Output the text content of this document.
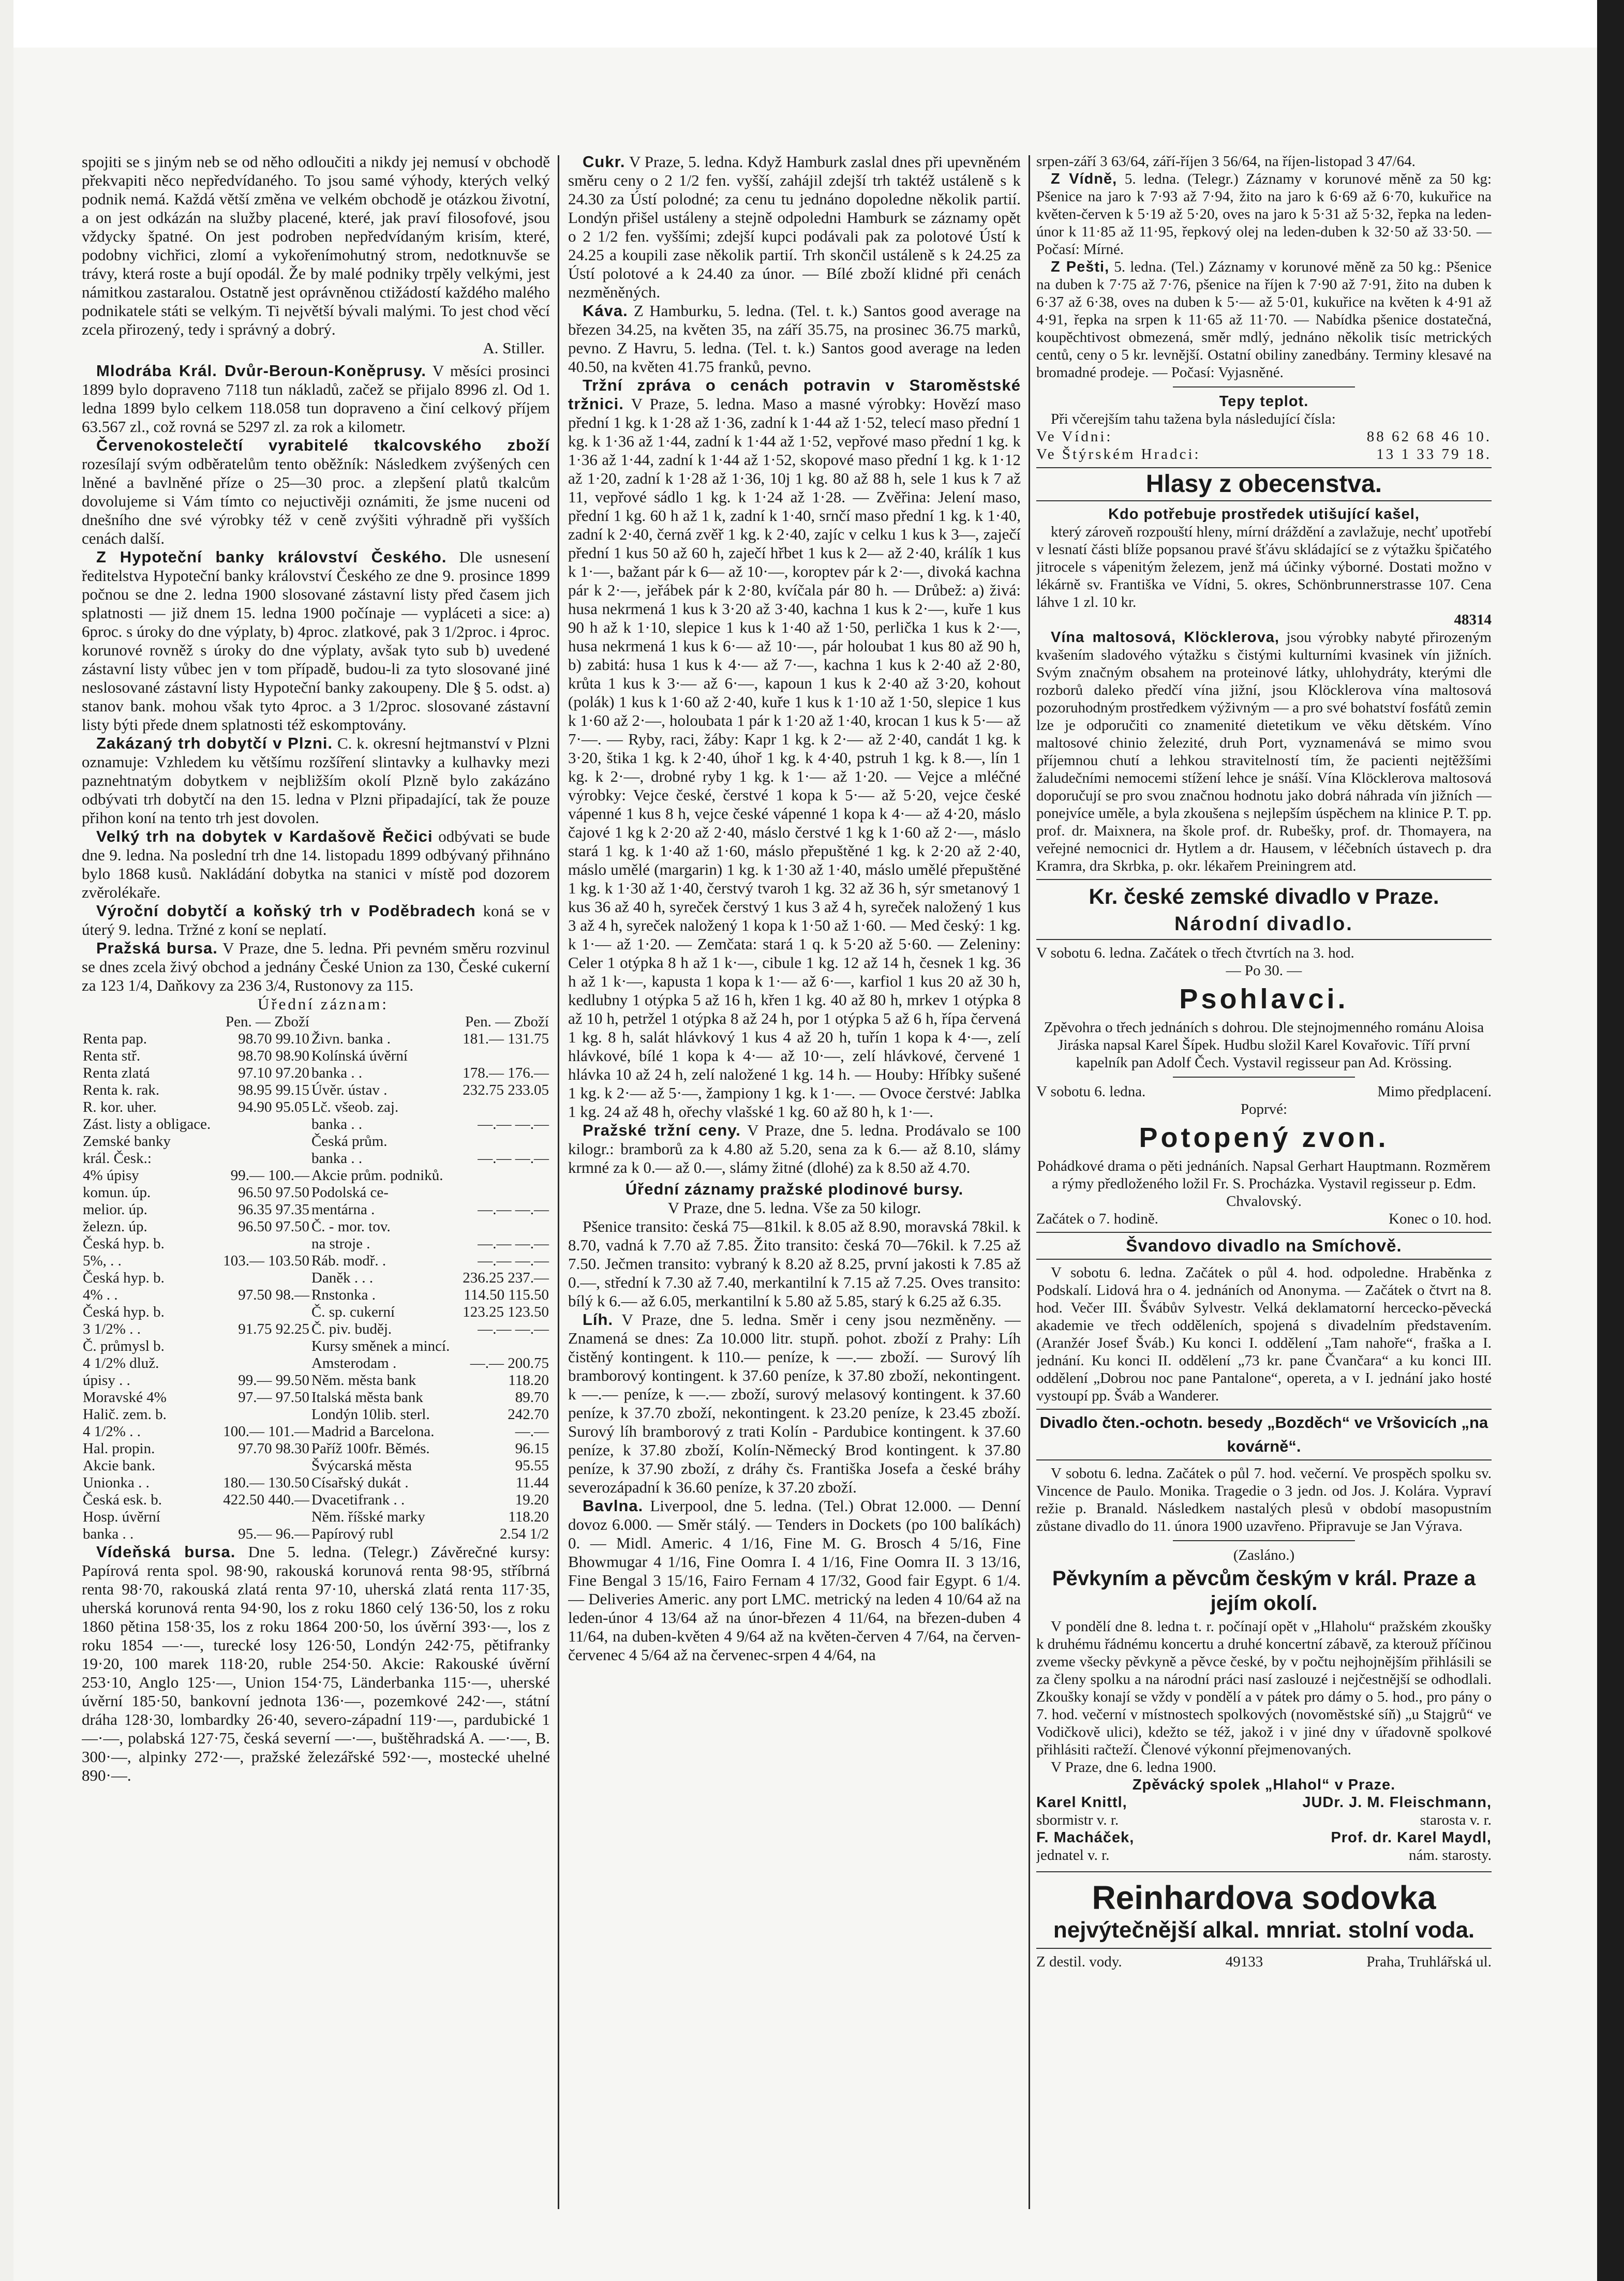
spojiti se s jiným neb se od něho odloučiti a nikdy jej nemusí v obchodě překvapiti něco nepředvídaného. To jsou samé výhody, kterých velký podnik nemá. Každá větší změna ve velkém obchodě je otázkou životní, a on jest odkázán na služby placené, které, jak praví filosofové, jsou vždycky špatné. On jest podroben nepředvídaným krisím, které, podobny vichřici, zlomí a vykořenímohutný strom, nedotknuvše se trávy, která roste a bují opodál. Že by malé podniky trpěly velkými, jest námitkou zastaralou. Ostatně jest oprávněnou ctižádostí každého malého podnikatele státi se velkým. Ti největší bývali malými. To jest chod věcí zcela přirozený, tedy i správný a dobrý.

A. Stiller.

Mlodrába Král. Dvůr-Beroun-Koněprusy. V měsíci prosinci 1899 bylo dopraveno 7118 tun nákladů, začež se přijalo 8996 zl. Od 1. ledna 1899 bylo celkem 118.058 tun dopraveno a činí celkový příjem 63.567 zl., což rovná se 5297 zl. za rok a kilometr.

Červenokostelečtí vyrabitelé tkalcovského zboží rozesílají svým odběratelům tento oběžník: Následkem zvýšených cen lněné a bavlněné příze o 25—30 proc. a zlepšení platů tkalcům dovolujeme si Vám tímto co nejuctivěji oznámiti, že jsme nuceni od dnešního dne své výrobky též v ceně zvýšiti výhradně při vyšších cenách další.

Z Hypoteční banky království Českého. Dle usnesení ředitelstva Hypoteční banky království Českého ze dne 9. prosince 1899 počnou se dne 2. ledna 1900 slosované zástavní listy před časem jich splatnosti — již dnem 15. ledna 1900 počínaje — vypláceti a sice: a) 6proc. s úroky do dne výplaty, b) 4proc. zlatkové, pak 3 1/2proc. i 4proc. korunové rovněž s úroky do dne výplaty, avšak tyto sub b) uvedené zástavní listy vůbec jen v tom případě, budou-li za tyto slosované jiné neslosované zástavní listy Hypoteční banky zakoupeny. Dle § 5. odst. a) stanov bank. mohou však tyto 4proc. a 3 1/2proc. slosované zástavní listy býti přede dnem splatnosti též eskomptovány.

Zakázaný trh dobytčí v Plzni. C. k. okresní hejtmanství v Plzni oznamuje: Vzhledem ku většímu rozšíření slintavky a kulhavky mezi paznehtnatým dobytkem v nejbližším okolí Plzně bylo zakázáno odbývati trh dobytčí na den 15. ledna v Plzni připadající, tak že pouze přihon koní na tento trh jest dovolen.

Velký trh na dobytek v Kardašově Řečici odbývati se bude dne 9. ledna. Na poslední trh dne 14. listopadu 1899 odbývaný přihnáno bylo 1868 kusů. Nakládání dobytka na stanici v místě pod dozorem zvěrolékaře.

Výroční dobytčí a koňský trh v Poděbradech koná se v úterý 9. ledna. Tržné z koní se neplatí.

Pražská bursa. V Praze, dne 5. ledna. Při pevném směru rozvinul se dnes zcela živý obchod a jednány České Union za 130, České cukerní za 123 1/4, Daňkovy za 236 3/4, Rustonovy za 115.

Úřední záznam:

	Pen. — Zboží		Pen. — Zboží
Renta pap.	98.70 99.10	Živn. banka .	181.— 131.75
Renta stř.	98.70 98.90	Kolínská úvěrní	
Renta zlatá	97.10 97.20	banka . .	178.— 176.—
Renta k. rak.	98.95 99.15	Úvěr. ústav .	232.75 233.05
R. kor. uher.	94.90 95.05	Lč. všeob. zaj.	
Zást. listy a obligace.		banka . .	—.— —.—
Zemské banky		Česká prům.	
král. Česk.:		banka . .	—.— —.—
4% úpisy	99.— 100.—	Akcie prům. podniků.	
komun. úp.	96.50 97.50	Podolská ce-	
melior. úp.	96.35 97.35	mentárna .	—.— —.—
železn. úp.	96.50 97.50	Č. - mor. tov.	
Česká hyp. b.		na stroje .	—.— —.—
5%, . .	103.— 103.50	Ráb. modř. .	—.— —.—
Česká hyp. b.		Daněk . . .	236.25 237.—
4% . .	97.50 98.—	Rnstonka .	114.50 115.50
Česká hyp. b.		Č. sp. cukerní	123.25 123.50
3 1/2% . .	91.75 92.25	Č. piv. buděj.	—.— —.—
Č. průmysl b.		Kursy směnek a mincí.	
4 1/2% dluž.		Amsterodam .	—.— 200.75
úpisy . .	99.— 99.50	Něm. města bank	118.20
Moravské 4%	97.— 97.50	Italská města bank	89.70
Halič. zem. b.		Londýn 10lib. sterl.	242.70
4 1/2% . .	100.— 101.—	Madrid a Barcelona.	—.—
Hal. propin.	97.70 98.30	Paříž 100fr. Běmés.	96.15
Akcie bank.		Švýcarská města	95.55
Unionka . .	180.— 130.50	Císařský dukát .	11.44
Česká esk. b.	422.50 440.—	Dvacetifrank . .	19.20
Hosp. úvěrní		Něm. říšské marky	118.20
banka . .	95.— 96.—	Papírový rubl	2.54 1/2

Vídeňská bursa. Dne 5. ledna. (Telegr.) Závěrečné kursy: Papírová renta spol. 98·90, rakouská korunová renta 98·95, stříbrná renta 98·70, rakouská zlatá renta 97·10, uherská zlatá renta 117·35, uherská korunová renta 94·90, los z roku 1860 celý 136·50, los z roku 1860 pětina 158·35, los z roku 1864 200·50, los úvěrní 393·—, los z roku 1854 —·—, turecké losy 126·50, Londýn 242·75, pětifranky 19·20, 100 marek 118·20, ruble 254·50. Akcie: Rakouské úvěrní 253·10, Anglo 125·—, Union 154·75, Länderbanka 115·—, uherské úvěrní 185·50, bankovní jednota 136·—, pozemkové 242·—, státní dráha 128·30, lombardky 26·40, severo-západní 119·—, pardubické 1 —·—, polabská 127·75, česká severní —·—, buštěhradská A. —·—, B. 300·—, alpinky 272·—, pražské železářské 592·—, mostecké uhelné 890·—.

Cukr. V Praze, 5. ledna. Když Hamburk zaslal dnes při upevněném směru ceny o 2 1/2 fen. vyšší, zahájil zdejší trh taktéž ustáleně s k 24.30 za Ústí polodné; za cenu tu jednáno dopoledne několik partií. Londýn přišel ustáleny a stejně odpoledni Hamburk se záznamy opět o 2 1/2 fen. vyššími; zdejší kupci podávali pak za polotové Ústí k 24.25 a koupili zase několik partií. Trh skončil ustáleně s k 24.25 za Ústí polotové a k 24.40 za únor. — Bílé zboží klidné při cenách nezměněných.

Káva. Z Hamburku, 5. ledna. (Tel. t. k.) Santos good average na březen 34.25, na květen 35, na září 35.75, na prosinec 36.75 marků, pevno. Z Havru, 5. ledna. (Tel. t. k.) Santos good average na leden 40.50, na květen 41.75 franků, pevno.

Tržní zpráva o cenách potravin v Staroměstské tržnici. V Praze, 5. ledna. Maso a masné výrobky: Hovězí maso přední 1 kg. k 1·28 až 1·36, zadní k 1·44 až 1·52, telecí maso přední 1 kg. k 1·36 až 1·44, zadní k 1·44 až 1·52, vepřové maso přední 1 kg. k 1·36 až 1·44, zadní k 1·44 až 1·52, skopové maso přední 1 kg. k 1·12 až 1·20, zadní k 1·28 až 1·36, 10j 1 kg. 80 až 88 h, sele 1 kus k 7 až 11, vepřové sádlo 1 kg. k 1·24 až 1·28. — Zvěřina: Jelení maso, přední 1 kg. 60 h až 1 k, zadní k 1·40, srnčí maso přední 1 kg. k 1·40, zadní k 2·40, černá zvěř 1 kg. k 2·40, zajíc v celku 1 kus k 3—, zaječí přední 1 kus 50 až 60 h, zaječí hřbet 1 kus k 2— až 2·40, králík 1 kus k 1·—, bažant pár k 6— až 10·—, koroptev pár k 2·—, divoká kachna pár k 2·—, jeřábek pár k 2·80, kvíčala pár 80 h. — Drůbež: a) živá: husa nekrmená 1 kus k 3·20 až 3·40, kachna 1 kus k 2·—, kuře 1 kus 90 h až k 1·10, slepice 1 kus k 1·40 až 1·50, perlička 1 kus k 2·—, husa nekrmená 1 kus k 6·— až 10·—, pár holoubat 1 kus 80 až 90 h, b) zabitá: husa 1 kus k 4·— až 7·—, kachna 1 kus k 2·40 až 2·80, krůta 1 kus k 3·— až 6·—, kapoun 1 kus k 2·40 až 3·20, kohout (polák) 1 kus k 1·60 až 2·40, kuře 1 kus k 1·10 až 1·50, slepice 1 kus k 1·60 až 2·—, holoubata 1 pár k 1·20 až 1·40, krocan 1 kus k 5·— až 7·—. — Ryby, raci, žáby: Kapr 1 kg. k 2·— až 2·40, candát 1 kg. k 3·20, štika 1 kg. k 2·40, úhoř 1 kg. k 4·40, pstruh 1 kg. k 8.—, lín 1 kg. k 2·—, drobné ryby 1 kg. k 1·— až 1·20. — Vejce a mléčné výrobky: Vejce české, čerstvé 1 kopa k 5·— až 5·20, vejce české vápenné 1 kus 8 h, vejce české vápenné 1 kopa k 4·— až 4·20, máslo čajové 1 kg k 2·20 až 2·40, máslo čerstvé 1 kg k 1·60 až 2·—, máslo stará 1 kg. k 1·40 až 1·60, máslo přepuštěné 1 kg. k 2·20 až 2·40, máslo umělé (margarin) 1 kg. k 1·30 až 1·40, máslo umělé přepuštěné 1 kg. k 1·30 až 1·40, čerstvý tvaroh 1 kg. 32 až 36 h, sýr smetanový 1 kus 36 až 40 h, syreček čerstvý 1 kus 3 až 4 h, syreček naložený 1 kus 3 až 4 h, syreček naložený 1 kopa k 1·50 až 1·60. — Med český: 1 kg. k 1·— až 1·20. — Zemčata: stará 1 q. k 5·20 až 5·60. — Zeleniny: Celer 1 otýpka 8 h až 1 k·—, cibule 1 kg. 12 až 14 h, česnek 1 kg. 36 h až 1 k·—, kapusta 1 kopa k 1·— až 6·—, karfiol 1 kus 20 až 30 h, kedlubny 1 otýpka 5 až 16 h, křen 1 kg. 40 až 80 h, mrkev 1 otýpka 8 až 10 h, petržel 1 otýpka 8 až 24 h, por 1 otýpka 5 až 6 h, řípa červená 1 kg. 8 h, salát hlávkový 1 kus 4 až 20 h, tuřín 1 kopa k 4·—, zelí hlávkové, bílé 1 kopa k 4·— až 10·—, zelí hlávkové, červené 1 hlávka 10 až 24 h, zelí naložené 1 kg. 14 h. — Houby: Hříbky sušené 1 kg. k 2·— až 5·—, žampiony 1 kg. k 1·—. — Ovoce čerstvé: Jablka 1 kg. 24 až 48 h, ořechy vlašské 1 kg. 60 až 80 h, k 1·—.

Pražské tržní ceny. V Praze, dne 5. ledna. Prodávalo se 100 kilogr.: bramborů za k 4.80 až 5.20, sena za k 6.— až 8.10, slámy krmné za k 0.— až 0.—, slámy žitné (dlohé) za k 8.50 až 4.70.

Úřední záznamy pražské plodinové bursy.

V Praze, dne 5. ledna. Vše za 50 kilogr.

Pšenice transito: česká 75—81kil. k 8.05 až 8.90, moravská 78kil. k 8.70, vadná k 7.70 až 7.85. Žito transito: česká 70—76kil. k 7.25 až 7.50. Ječmen transito: vybraný k 8.20 až 8.25, první jakosti k 7.85 až 0.—, střední k 7.30 až 7.40, merkantilní k 7.15 až 7.25. Oves transito: bílý k 6.— až 6.05, merkantilní k 5.80 až 5.85, starý k 6.25 až 6.35.

Líh. V Praze, dne 5. ledna. Směr i ceny jsou nezměněny. — Znamená se dnes: Za 10.000 litr. stupň. pohot. zboží z Prahy: Líh čistěný kontingent. k 110.— peníze, k —.— zboží. — Surový líh bramborový kontingent. k 37.60 peníze, k 37.80 zboží, nekontingent. k —.— peníze, k —.— zboží, surový melasový kontingent. k 37.60 peníze, k 37.70 zboží, nekontingent. k 23.20 peníze, k 23.45 zboží. Surový líh bramborový z trati Kolín - Pardubice kontingent. k 37.60 peníze, k 37.80 zboží, Kolín-Německý Brod kontingent. k 37.80 peníze, k 37.90 zboží, z dráhy čs. Františka Josefa a české bráhy severozápadní k 36.60 peníze, k 37.20 zboží.

Bavlna. Liverpool, dne 5. ledna. (Tel.) Obrat 12.000. — Denní dovoz 6.000. — Směr stálý. — Tenders in Dockets (po 100 balíkách) 0. — Midl. Americ. 4 1/16, Fine M. G. Brosch 4 5/16, Fine Bhowmugar 4 1/16, Fine Oomra I. 4 1/16, Fine Oomra II. 3 13/16, Fine Bengal 3 15/16, Fairo Fernam 4 17/32, Good fair Egypt. 6 1/4. — Deliveries Americ. any port LMC. metrický na leden 4 10/64 až na leden-únor 4 13/64 až na únor-březen 4 11/64, na březen-duben 4 11/64, na duben-květen 4 9/64 až na květen-červen 4 7/64, na červen-červenec 4 5/64 až na červenec-srpen 4 4/64, na

srpen-září 3 63/64, září-říjen 3 56/64, na říjen-listopad 3 47/64.

Z Vídně, 5. ledna. (Telegr.) Záznamy v korunové měně za 50 kg: Pšenice na jaro k 7·93 až 7·94, žito na jaro k 6·69 až 6·70, kukuřice na květen-červen k 5·19 až 5·20, oves na jaro k 5·31 až 5·32, řepka na leden-únor k 11·85 až 11·95, řepkový olej na leden-duben k 32·50 až 33·50. — Počasí: Mírné.

Z Pešti, 5. ledna. (Tel.) Záznamy v korunové měně za 50 kg.: Pšenice na duben k 7·75 až 7·76, pšenice na říjen k 7·90 až 7·91, žito na duben k 6·37 až 6·38, oves na duben k 5·— až 5·01, kukuřice na květen k 4·91 až 4·91, řepka na srpen k 11·65 až 11·70. — Nabídka pšenice dostatečná, koupěchtivost obmezená, směr mdlý, jednáno několik tisíc metrických centů, ceny o 5 kr. levnější. Ostatní obiliny zanedbány. Terminy klesavé na bromadné prodeje. — Počasí: Vyjasněné.

Tepy teplot.

Při včerejším tahu tažena byla následující čísla:

Ve Vídni:	88 62 68 46 10.
Ve Štýrském Hradci:	13 1 33 79 18.
Hlasy z obecenstva.

Kdo potřebuje prostředek utišující kašel,

který zároveň rozpouští hleny, mírní dráždění a zavlažuje, nechť upotřebí v lesnatí části blíže popsanou pravé šťávu skládající se z výtažku špičatého jitrocele s vápenitým železem, jenž má účinky výborné. Dostati možno v lékárně sv. Františka ve Vídni, 5. okres, Schönbrunnerstrasse 107. Cena láhve 1 zl. 10 kr.

48314

Vína maltosová, Klöcklerova, jsou výrobky nabyté přirozeným kvašením sladového výtažku s čistými kulturními kvasinek vín jižních. Svým značným obsahem na proteinové látky, uhlohydráty, kterými dle rozborů daleko předčí vína jižní, jsou Klöcklerova vína maltosová pozoruhodným prostředkem výživným — a pro své bohatství fosfátů zemin lze je odporučiti co znamenité dietetikum ve věku dětském. Víno maltosové chinio železité, druh Port, vyznamenává se mimo svou příjemnou chutí a lehkou stravitelností tím, že pacienti nejtěžšími žaludečními nemocemi stížení lehce je snáší. Vína Klöcklerova maltosová doporučují se pro svou značnou hodnotu jako dobrá náhrada vín jižních — ponejvíce uměle, a byla zkoušena s nejlepším úspěchem na klinice P. T. pp. prof. dr. Maixnera, na škole prof. dr. Rubešky, prof. dr. Thomayera, na veřejné nemocnici dr. Hytlem a dr. Hausem, v léčebních ústavech p. dra Kramra, dra Skrbka, p. okr. lékařem Preiningrem atd.

Kr. české zemské divadlo v Praze.
Národní divadlo.

V sobotu 6. ledna. Začátek o třech čtvrtích na 3. hod.

— Po 30. —

Psohlavci.

Zpěvohra o třech jednáních s dohrou. Dle stejnojmenného románu Aloisa Jiráska napsal Karel Šípek. Hudbu složil Karel Kovařovic. Tíří první kapelník pan Adolf Čech. Vystavil regisseur pan Ad. Krössing.

V sobotu 6. ledna.	Mimo předplacení.

Poprvé:

Potopený zvon.

Pohádkové drama o pěti jednáních. Napsal Gerhart Hauptmann. Rozměrem a rýmy předloženého ložil Fr. S. Procházka. Vystavil regisseur p. Edm. Chvalovský.

Začátek o 7. hodině.	Konec o 10. hod.
Švandovo divadlo na Smíchově.

V sobotu 6. ledna. Začátek o půl 4. hod. odpoledne. Hraběnka z Podskalí. Lidová hra o 4. jednáních od Anonyma. — Začátek o čtvrt na 8. hod. Večer III. Švábův Sylvestr. Velká deklamatorní hercecko-pěvecká akademie ve třech odděleních, spojená s divadelním představením. (Aranžér Josef Šváb.) Ku konci I. oddělení „Tam nahoře“, fraška a I. jednání. Ku konci II. oddělení „73 kr. pane Čvančara“ a ku konci III. oddělení „Dobrou noc pane Pantalone“, opereta, a v I. jednání jako hosté vystoupí pp. Šváb a Wanderer.

Divadlo čten.-ochotn. besedy „Bozděch“ ve Vršovicích „na kovárně“.

V sobotu 6. ledna. Začátek o půl 7. hod. večerní. Ve prospěch spolku sv. Vincence de Paulo. Monika. Tragedie o 3 jedn. od Jos. J. Kolára. Vypraví režie p. Branald. Následkem nastalých plesů v období masopustním zůstane divadlo do 11. února 1900 uzavřeno. Připravuje se Jan Výrava.

(Zasláno.)

Pěvkyním a pěvcům českým v král. Praze a jejím okolí.

V pondělí dne 8. ledna t. r. počínají opět v „Hlaholu“ pražském zkoušky k druhému řádnému koncertu a druhé koncertní zábavě, za kterouž příčinou zveme všecky pěvkyně a pěvce české, by v počtu nejhojnějším přihlásili se za členy spolku a na národní práci nasí zaslouzé i nejčestnější se odhodlali. Zkoušky konají se vždy v pondělí a v pátek pro dámy o 5. hod., pro pány o 7. hod. večerní v místnostech spolkových (novoměstské síň) „u Stajgrů“ ve Vodičkově ulici), kdežto se též, jakož i v jiné dny v úřadovně spolkové přihlásiti račteží. Členové výkonní přejmenovaných.

V Praze, dne 6. ledna 1900.

Zpěvácký spolek „Hlahol“ v Praze.

Karel Knittl,	JUDr. J. M. Fleischmann,
sbormistr v. r.	starosta v. r.
F. Macháček,	Prof. dr. Karel Maydl,
jednatel v. r.	nám. starosty.
Reinhardova sodovka
nejvýtečnější alkal. mnriat. stolní voda.
Z destil. vody.	49133	Praha, Truhlářská ul.
